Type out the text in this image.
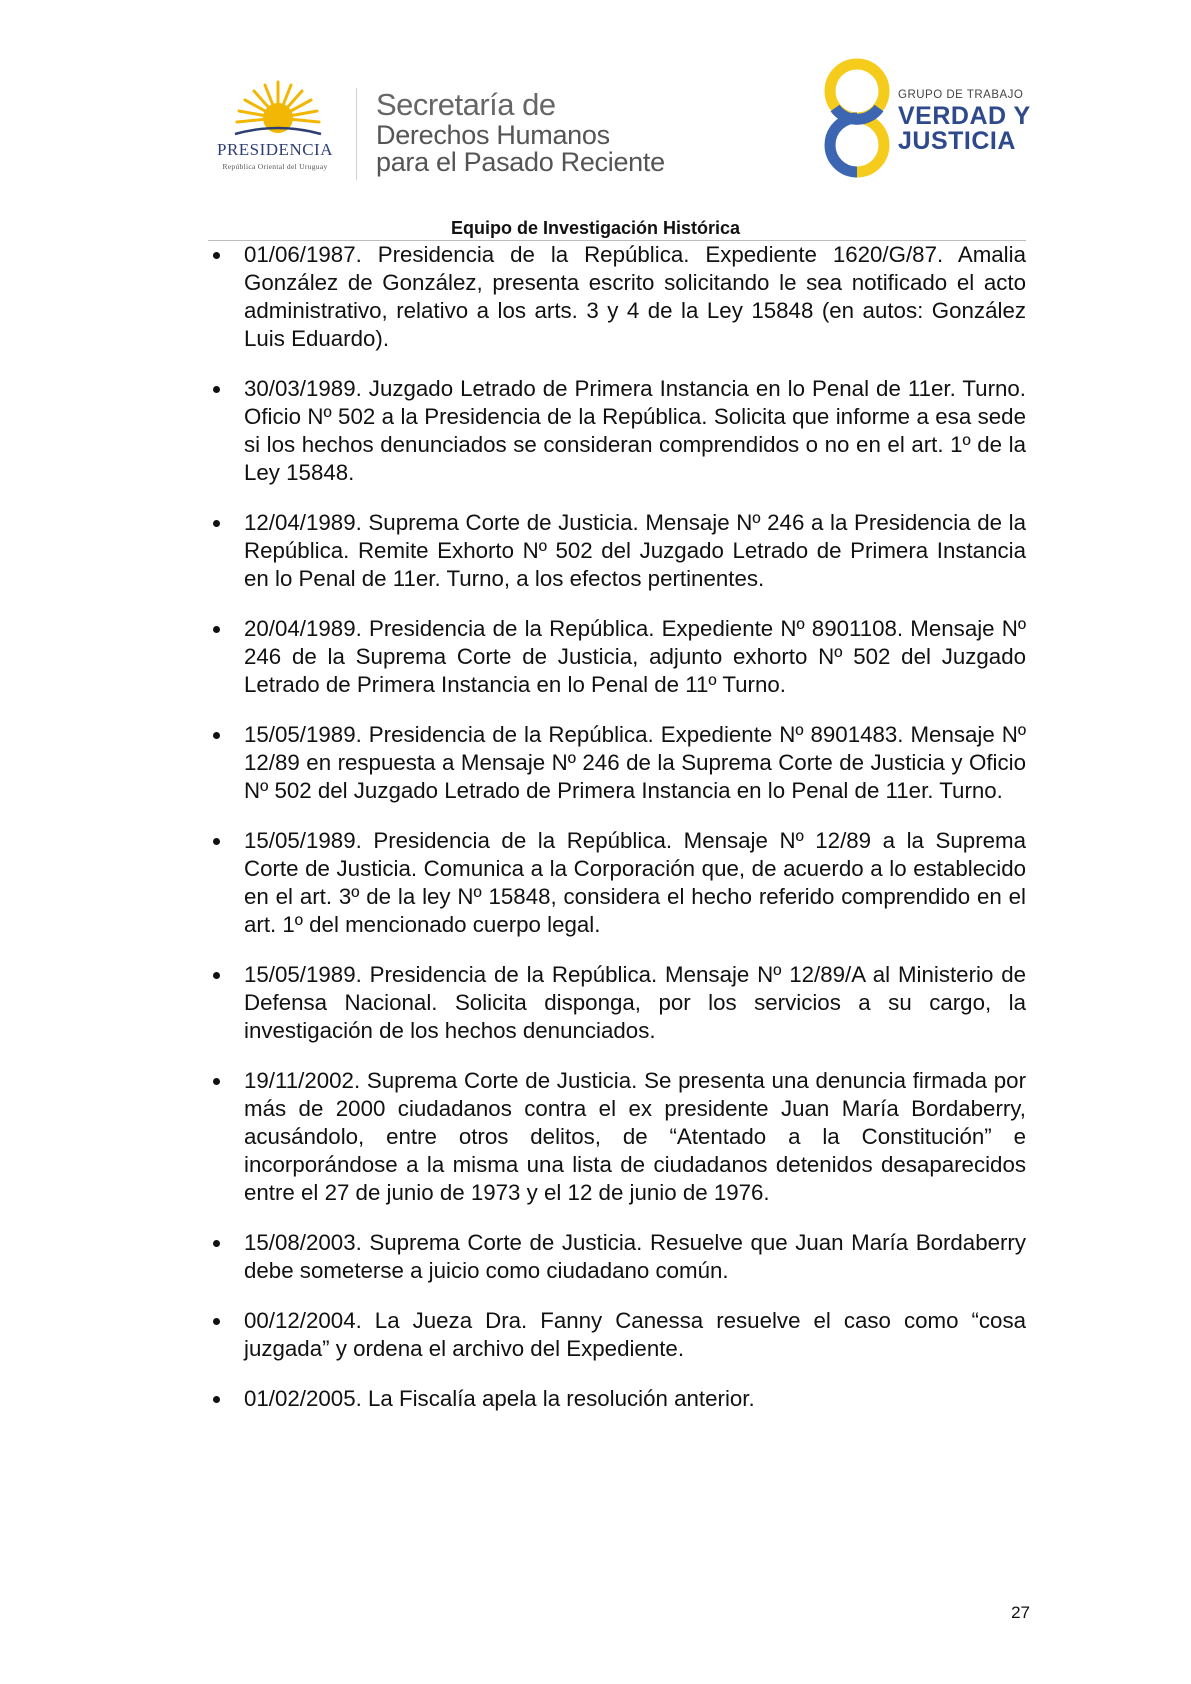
PRESIDENCIA
República Oriental del Uruguay
Secretaría de
Derechos Humanos
para el Pasado Reciente
GRUPO DE TRABAJO
VERDAD Y
JUSTICIA
Equipo de Investigación Histórica
01/06/1987. Presidencia de la República. Expediente 1620/G/87. Amalia González de González, presenta escrito solicitando le sea notificado el acto administrativo, relativo a los arts. 3 y 4 de la Ley 15848 (en autos: González Luis Eduardo).
30/03/1989. Juzgado Letrado de Primera Instancia en lo Penal de 11er. Turno. Oficio Nº 502 a la Presidencia de la República. Solicita que informe a esa sede si los hechos denunciados se consideran comprendidos o no en el art. 1º de la Ley 15848.
12/04/1989. Suprema Corte de Justicia. Mensaje Nº 246 a la Presidencia de la República. Remite Exhorto Nº 502 del Juzgado Letrado de Primera Instancia en lo Penal de 11er. Turno, a los efectos pertinentes.
20/04/1989. Presidencia de la República. Expediente Nº 8901108. Mensaje Nº 246 de la Suprema Corte de Justicia, adjunto exhorto Nº 502 del Juzgado Letrado de Primera Instancia en lo Penal de 11º Turno.
15/05/1989. Presidencia de la República. Expediente Nº 8901483. Mensaje Nº 12/89 en respuesta a Mensaje Nº 246 de la Suprema Corte de Justicia y Oficio Nº 502 del Juzgado Letrado de Primera Instancia en lo Penal de 11er. Turno.
15/05/1989. Presidencia de la República. Mensaje Nº 12/89 a la Suprema Corte de Justicia. Comunica a la Corporación que, de acuerdo a lo establecido en el art. 3º de la ley Nº 15848, considera el hecho referido comprendido en el art. 1º del mencionado cuerpo legal.
15/05/1989. Presidencia de la República. Mensaje Nº 12/89/A al Ministerio de Defensa Nacional. Solicita disponga, por los servicios a su cargo, la investigación de los hechos denunciados.
19/11/2002. Suprema Corte de Justicia. Se presenta una denuncia firmada por más de 2000 ciudadanos contra el ex presidente Juan María Bordaberry, acusándolo, entre otros delitos, de “Atentado a la Constitución” e incorporándose a la misma una lista de ciudadanos detenidos desaparecidos entre el 27 de junio de 1973 y el 12 de junio de 1976.
15/08/2003. Suprema Corte de Justicia. Resuelve que Juan María Bordaberry debe someterse a juicio como ciudadano común.
00/12/2004. La Jueza Dra. Fanny Canessa resuelve el caso como “cosa juzgada” y ordena el archivo del Expediente.
01/02/2005. La Fiscalía apela la resolución anterior.
27
